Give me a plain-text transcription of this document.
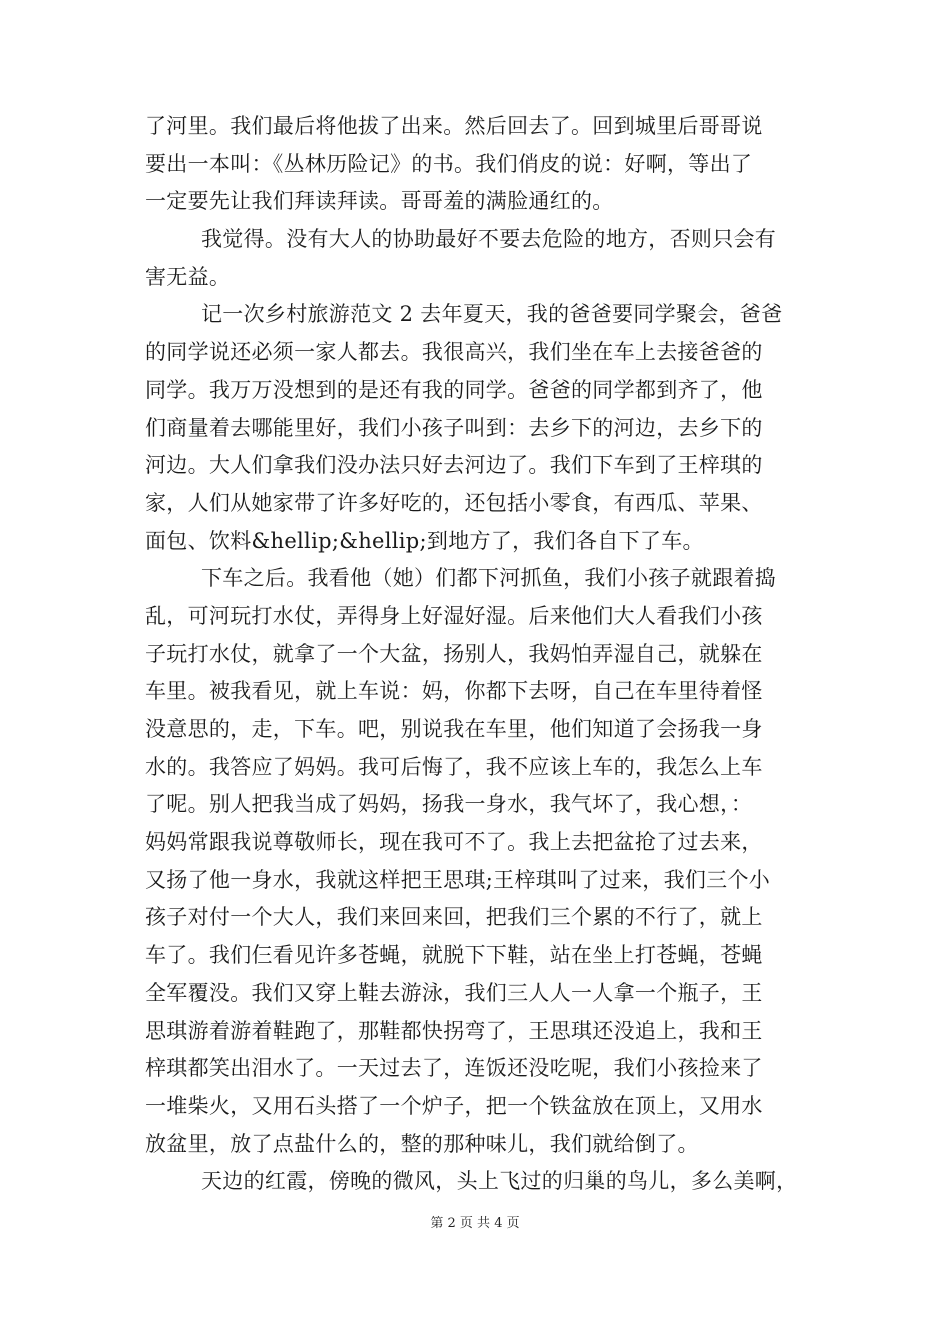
了河里。我们最后将他拔了出来。然后回去了。回到城里后哥哥说
要出一本叫：《丛林历险记》的书。我们俏皮的说：好啊，等出了
一定要先让我们拜读拜读。哥哥羞的满脸通红的。
我觉得。没有大人的协助最好不要去危险的地方，否则只会有
害无益。
记一次乡村旅游范文 2 去年夏天，我的爸爸要同学聚会，爸爸
的同学说还必须一家人都去。我很高兴，我们坐在车上去接爸爸的
同学。我万万没想到的是还有我的同学。爸爸的同学都到齐了，他
们商量着去哪能里好，我们小孩子叫到：去乡下的河边，去乡下的
河边。大人们拿我们没办法只好去河边了。我们下车到了王梓琪的
家，人们从她家带了许多好吃的，还包括小零食，有西瓜、苹果、
面包、饮料&hellip;&hellip;到地方了，我们各自下了车。
下车之后。我看他（她）们都下河抓鱼，我们小孩子就跟着捣
乱，可河玩打水仗，弄得身上好湿好湿。后来他们大人看我们小孩
子玩打水仗，就拿了一个大盆，扬别人，我妈怕弄湿自己，就躲在
车里。被我看见，就上车说：妈，你都下去呀，自己在车里待着怪
没意思的，走，下车。吧，别说我在车里，他们知道了会扬我一身
水的。我答应了妈妈。我可后悔了，我不应该上车的，我怎么上车
了呢。别人把我当成了妈妈，扬我一身水，我气坏了，我心想，：
妈妈常跟我说尊敬师长，现在我可不了。我上去把盆抢了过去来，
又扬了他一身水，我就这样把王思琪;王梓琪叫了过来，我们三个小
孩子对付一个大人，我们来回来回，把我们三个累的不行了，就上
车了。我们仨看见许多苍蝇，就脱下下鞋，站在坐上打苍蝇，苍蝇
全军覆没。我们又穿上鞋去游泳，我们三人人一人拿一个瓶子，王
思琪游着游着鞋跑了，那鞋都快拐弯了，王思琪还没追上，我和王
梓琪都笑出泪水了。一天过去了，连饭还没吃呢，我们小孩捡来了
一堆柴火，又用石头搭了一个炉子，把一个铁盆放在顶上，又用水
放盆里，放了点盐什么的，整的那种味儿，我们就给倒了。
天边的红霞，傍晚的微风，头上飞过的归巢的鸟儿，多么美啊，
第 2 页 共 4 页
